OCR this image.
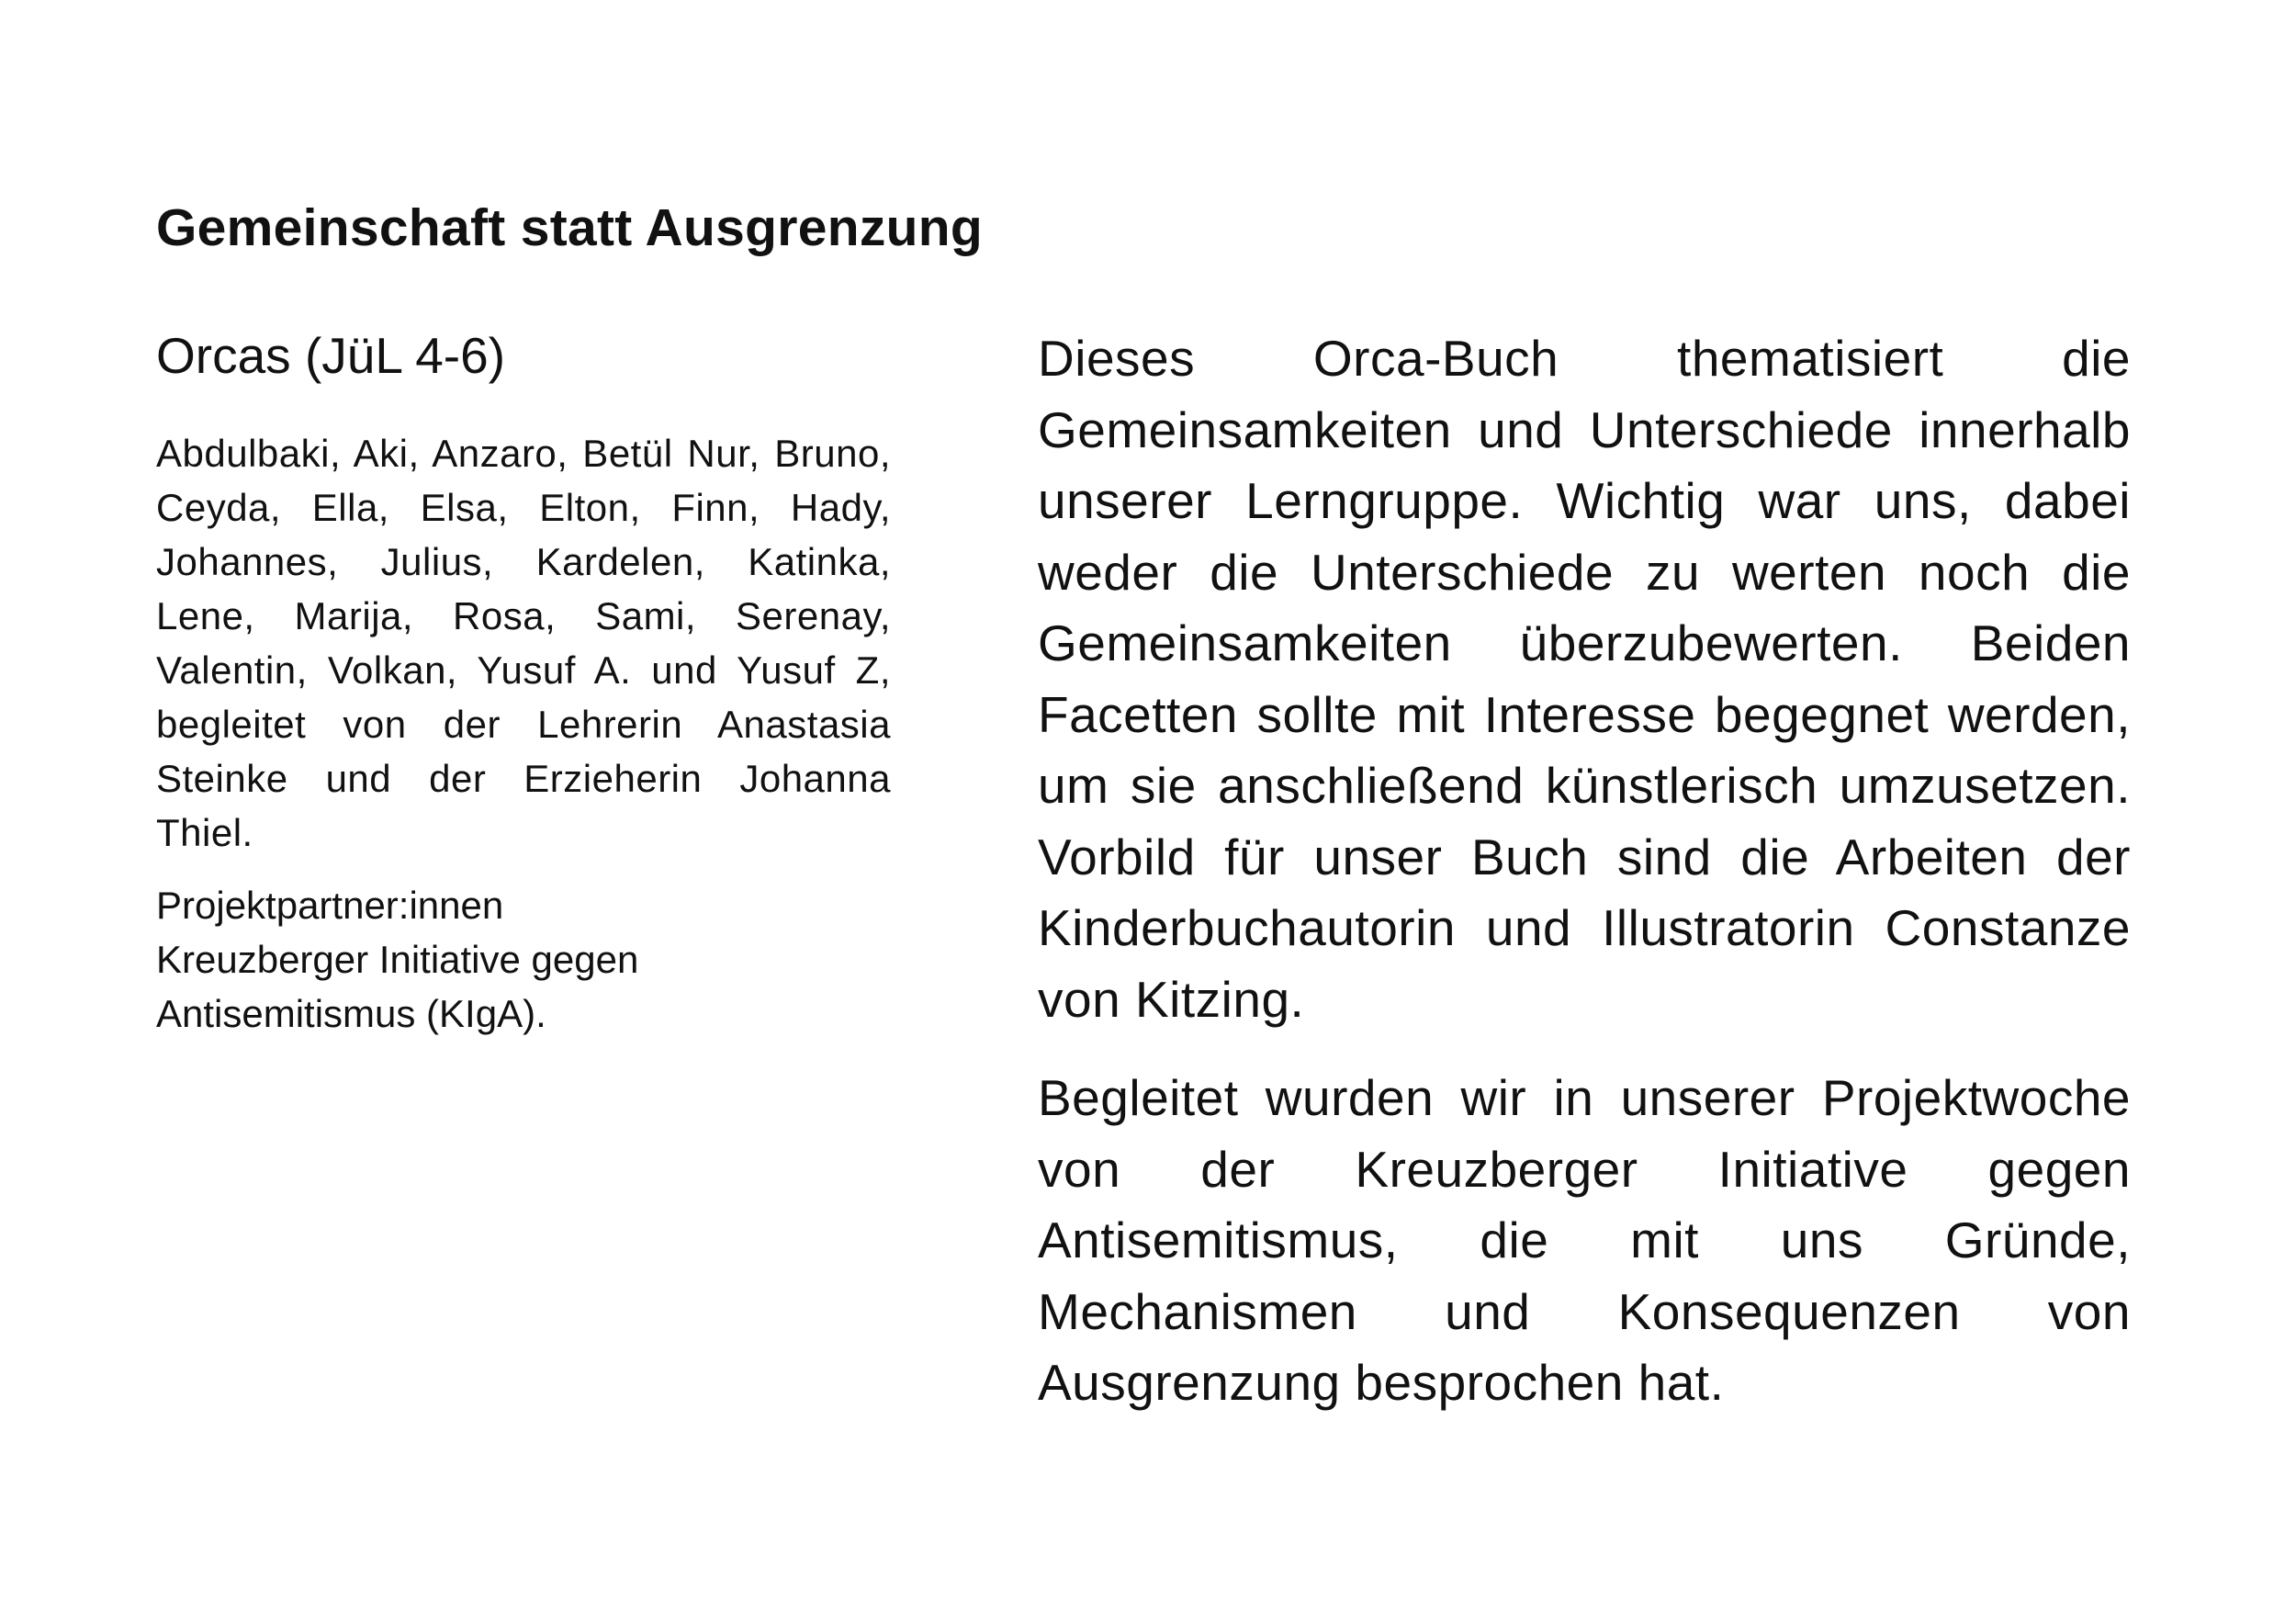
Gemeinschaft statt Ausgrenzung
Orcas (JüL 4-6)

Abdulbaki, Aki, Anzaro, Betül Nur, Bruno, Ceyda, Ella, Elsa, Elton, Finn, Hady, Johannes, Julius, Kardelen, Katinka, Lene, Marija, Rosa, Sami, Serenay, Valentin, Volkan, Yusuf A. und Yusuf Z, begleitet von der Lehrerin Anastasia Steinke und der Erzieherin Johanna Thiel.

Projektpartner:innen

Kreuzberger Initiative gegen Antisemitismus (KIgA).

Dieses Orca-Buch thematisiert die Gemeinsamkeiten und Unterschiede innerhalb unserer Lerngruppe. Wichtig war uns, dabei weder die Unterschiede zu werten noch die Gemeinsamkeiten überzubewerten. Beiden Facetten sollte mit Interesse begegnet werden, um sie anschließend künstlerisch umzusetzen. Vorbild für unser Buch sind die Arbeiten der Kinderbuchautorin und Illustratorin Constanze von Kitzing.

Begleitet wurden wir in unserer Projektwoche von der Kreuzberger Initiative gegen Antisemitismus, die mit uns Gründe, Mechanismen und Konsequenzen von Ausgrenzung besprochen hat.
